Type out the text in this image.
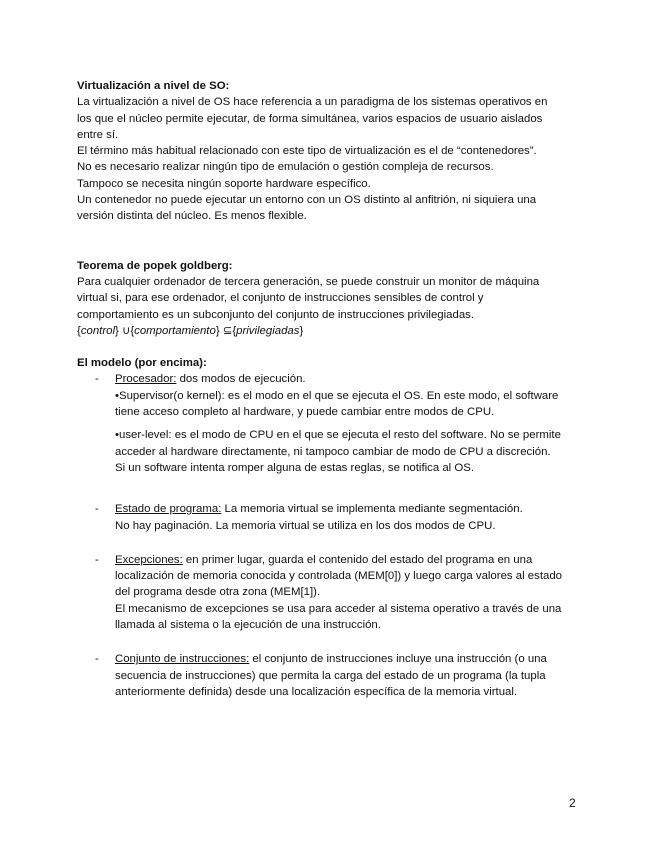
Virtualización a nivel de SO:

La virtualización a nivel de OS hace referencia a un paradigma de los sistemas operativos en

los que el núcleo permite ejecutar, de forma simultánea, varios espacios de usuario aislados

entre sí.

El término más habitual relacionado con este tipo de virtualización es el de “contenedores”.

No es necesario realizar ningún tipo de emulación o gestión compleja de recursos.

Tampoco se necesita ningún soporte hardware específico.

Un contenedor no puede ejecutar un entorno con un OS distinto al anfitrión, ni siquiera una

versión distinta del núcleo. Es menos flexible.

Teorema de popek goldberg:

Para cualquier ordenador de tercera generación, se puede construir un monitor de máquina

virtual si, para ese ordenador, el conjunto de instrucciones sensibles de control y

comportamiento es un subconjunto del conjunto de instrucciones privilegiadas.

{control} ∪{comportamiento} ⊆{privilegiadas}

El modelo (por encima):
- Procesador: dos modos de ejecución.

•Supervisor(o kernel): es el modo en el que se ejecuta el OS. En este modo, el software

tiene acceso completo al hardware, y puede cambiar entre modos de CPU.

•user-level: es el modo de CPU en el que se ejecuta el resto del software. No se permite

acceder al hardware directamente, ni tampoco cambiar de modo de CPU a discreción.

Si un software intenta romper alguna de estas reglas, se notifica al OS.

- Estado de programa: La memoria virtual se implementa mediante segmentación.

No hay paginación. La memoria virtual se utiliza en los dos modos de CPU.

- Excepciones: en primer lugar, guarda el contenido del estado del programa en una

localización de memoria conocida y controlada (MEM[0]) y luego carga valores al estado

del programa desde otra zona (MEM[1]).

El mecanismo de excepciones se usa para acceder al sistema operativo a través de una

llamada al sistema o la ejecución de una instrucción.

- Conjunto de instrucciones: el conjunto de instrucciones incluye una instrucción (o una

secuencia de instrucciones) que permita la carga del estado de un programa (la tupla

anteriormente definida) desde una localización específica de la memoria virtual.

2
